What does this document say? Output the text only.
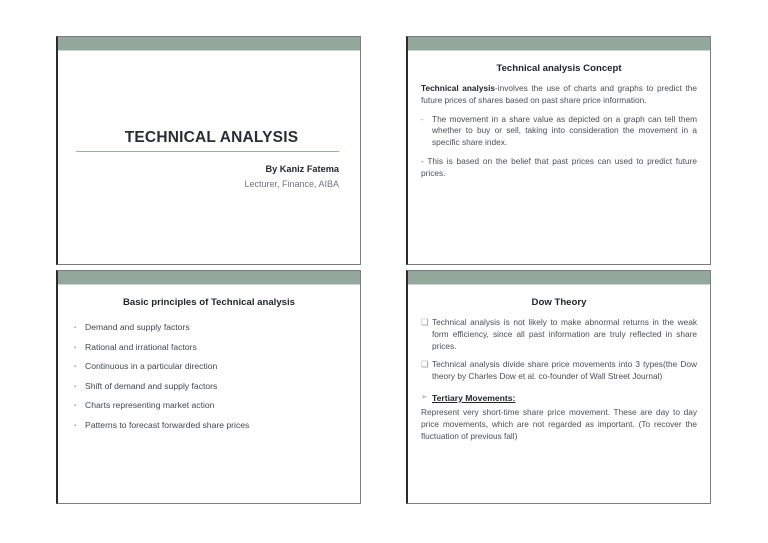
TECHNICAL ANALYSIS
By Kaniz Fatema
Lecturer, Finance, AIBA
Technical analysis Concept

Technical analysis-involves the use of charts and graphs to predict the future prices of shares based on past share price information.

- The movement in a share value as depicted on a graph can tell them whether to buy or sell, taking into consideration the movement in a specific share index.

- This is based on the belief that past prices can used to predict future prices.

Basic principles of Technical analysis
▪	Demand and supply factors
▪	Rational and irrational factors
▪	Continuous in a particular direction
▪	Shift of demand and supply factors
▪	Charts representing market action
▪	Patterns to forecast forwarded share prices
Dow Theory
❑ Technical analysis is not likely to make abnormal returns in the weak form efficiency, since all past information are truly reflected in share prices.
❑ Technical analysis divide share price movements into 3 types(the Dow theory by Charles Dow et al. co-founder of Wall Street Journal)
➢ Tertiary Movements:

Represent very short-time share price movement. These are day to day price movements, which are not regarded as important. (To recover the fluctuation of previous fall)
